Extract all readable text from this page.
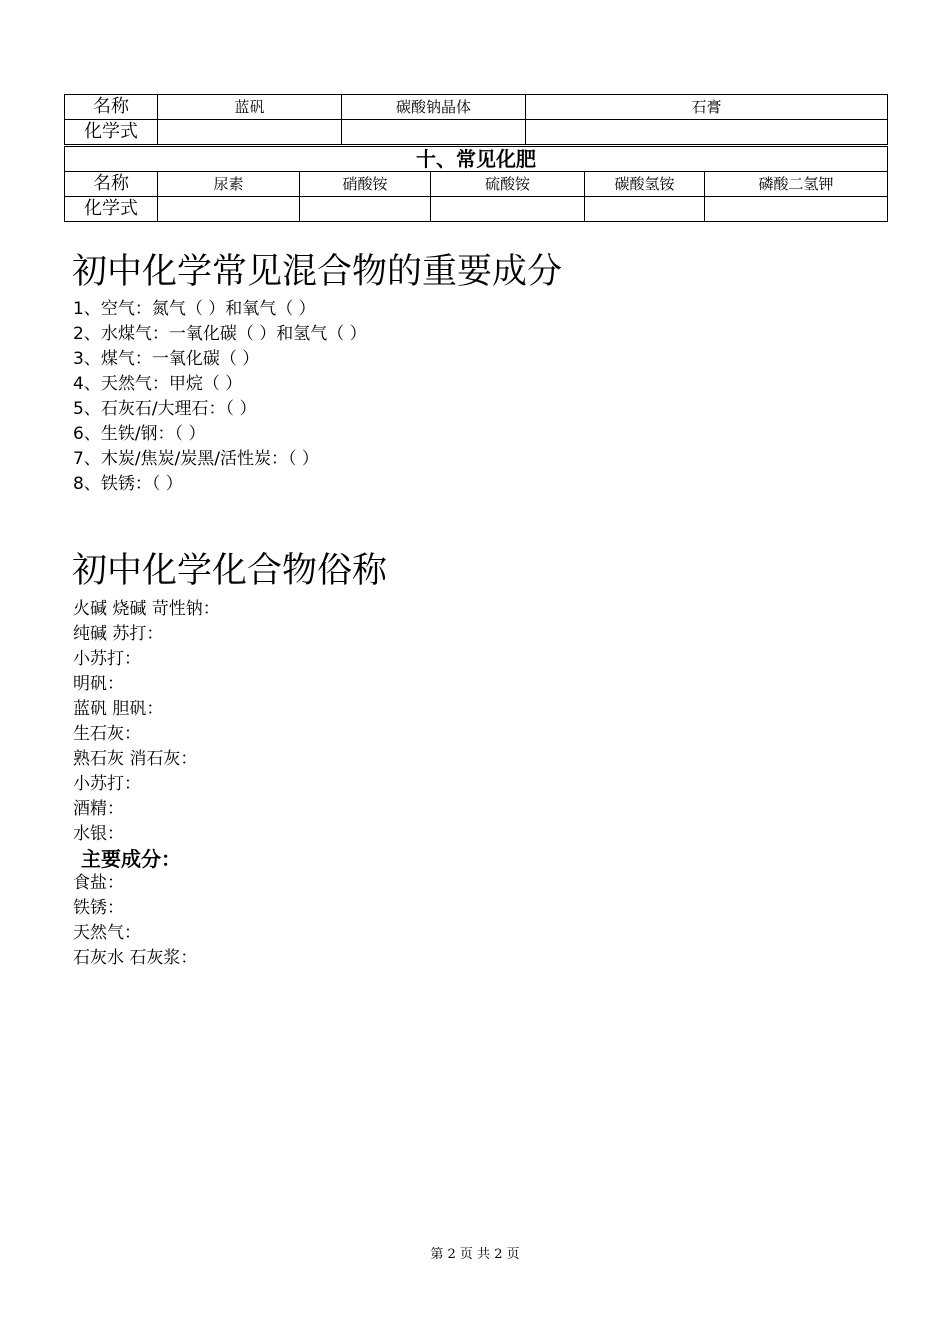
名称	蓝矾	碳酸钠晶体	石膏
化学式			
十、常见化肥					
名称	尿素	硝酸铵	硫酸铵	碳酸氢铵	磷酸二氢钾
化学式					
初中化学常见混合物的重要成分
1、空气：氮气（ ）和氧气（ ）
2、水煤气：一氧化碳（ ）和氢气（ ）
3、煤气：一氧化碳（ ）
4、天然气：甲烷（ ）
5、石灰石/大理石：（ ）
6、生铁/钢：（ ）
7、木炭/焦炭/炭黑/活性炭：（ ）
8、铁锈：（ ）
初中化学化合物俗称
火碱 烧碱 苛性钠：
纯碱 苏打：
小苏打：
明矾：
蓝矾 胆矾：
生石灰：
熟石灰 消石灰：
小苏打：
酒精：
水银：

主要成分：

食盐：
铁锈：
天然气：
石灰水 石灰浆：
第 2 页 共 2 页
